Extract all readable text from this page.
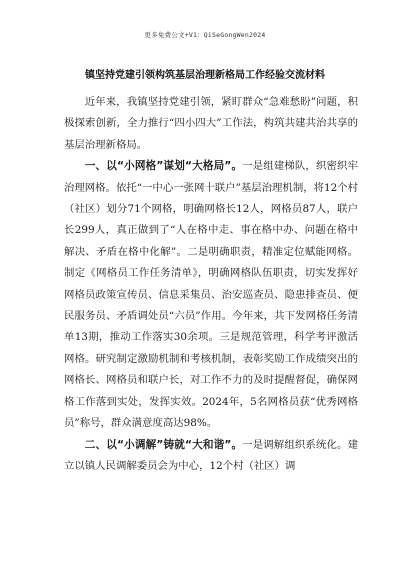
更多免费公文+V1：QiSeGongWen2024
镇坚持党建引领构筑基层治理新格局工作经验交流材料

近年来，我镇坚持党建引领，紧盯群众“急难愁盼”问题，积极探索创新，全力推行“四小四大”工作法，构筑共建共治共享的基层治理新格局。

一、以“小网格”谋划“大格局”。一是组建梯队，织密织牢治理网格。依托“一中心一张网十联户”基层治理机制，将12个村（社区）划分71个网格，明确网格长12人，网格员87人，联户长299人，真正做到了“人在格中走、事在格中办、问题在格中解决、矛盾在格中化解”。二是明确职责，精准定位赋能网格。制定《网格员工作任务清单》，明确网格队伍职责，切实发挥好网格员政策宣传员、信息采集员、治安巡查员、隐患排查员、便民服务员、矛盾调处员“六员”作用。今年来，共下发网格任务清单13期，推动工作落实30余项。三是规范管理，科学考评激活网格。研究制定激励机制和考核机制，表彰奖励工作成绩突出的网格长、网格员和联户长，对工作不力的及时提醒督促，确保网格工作落到实处，发挥实效。2024年，5名网格员获“优秀网格员”称号，群众满意度高达98%。

二、以“小调解”铸就“大和谐”。一是调解组织系统化。建立以镇人民调解委员会为中心，12个村（社区）调
